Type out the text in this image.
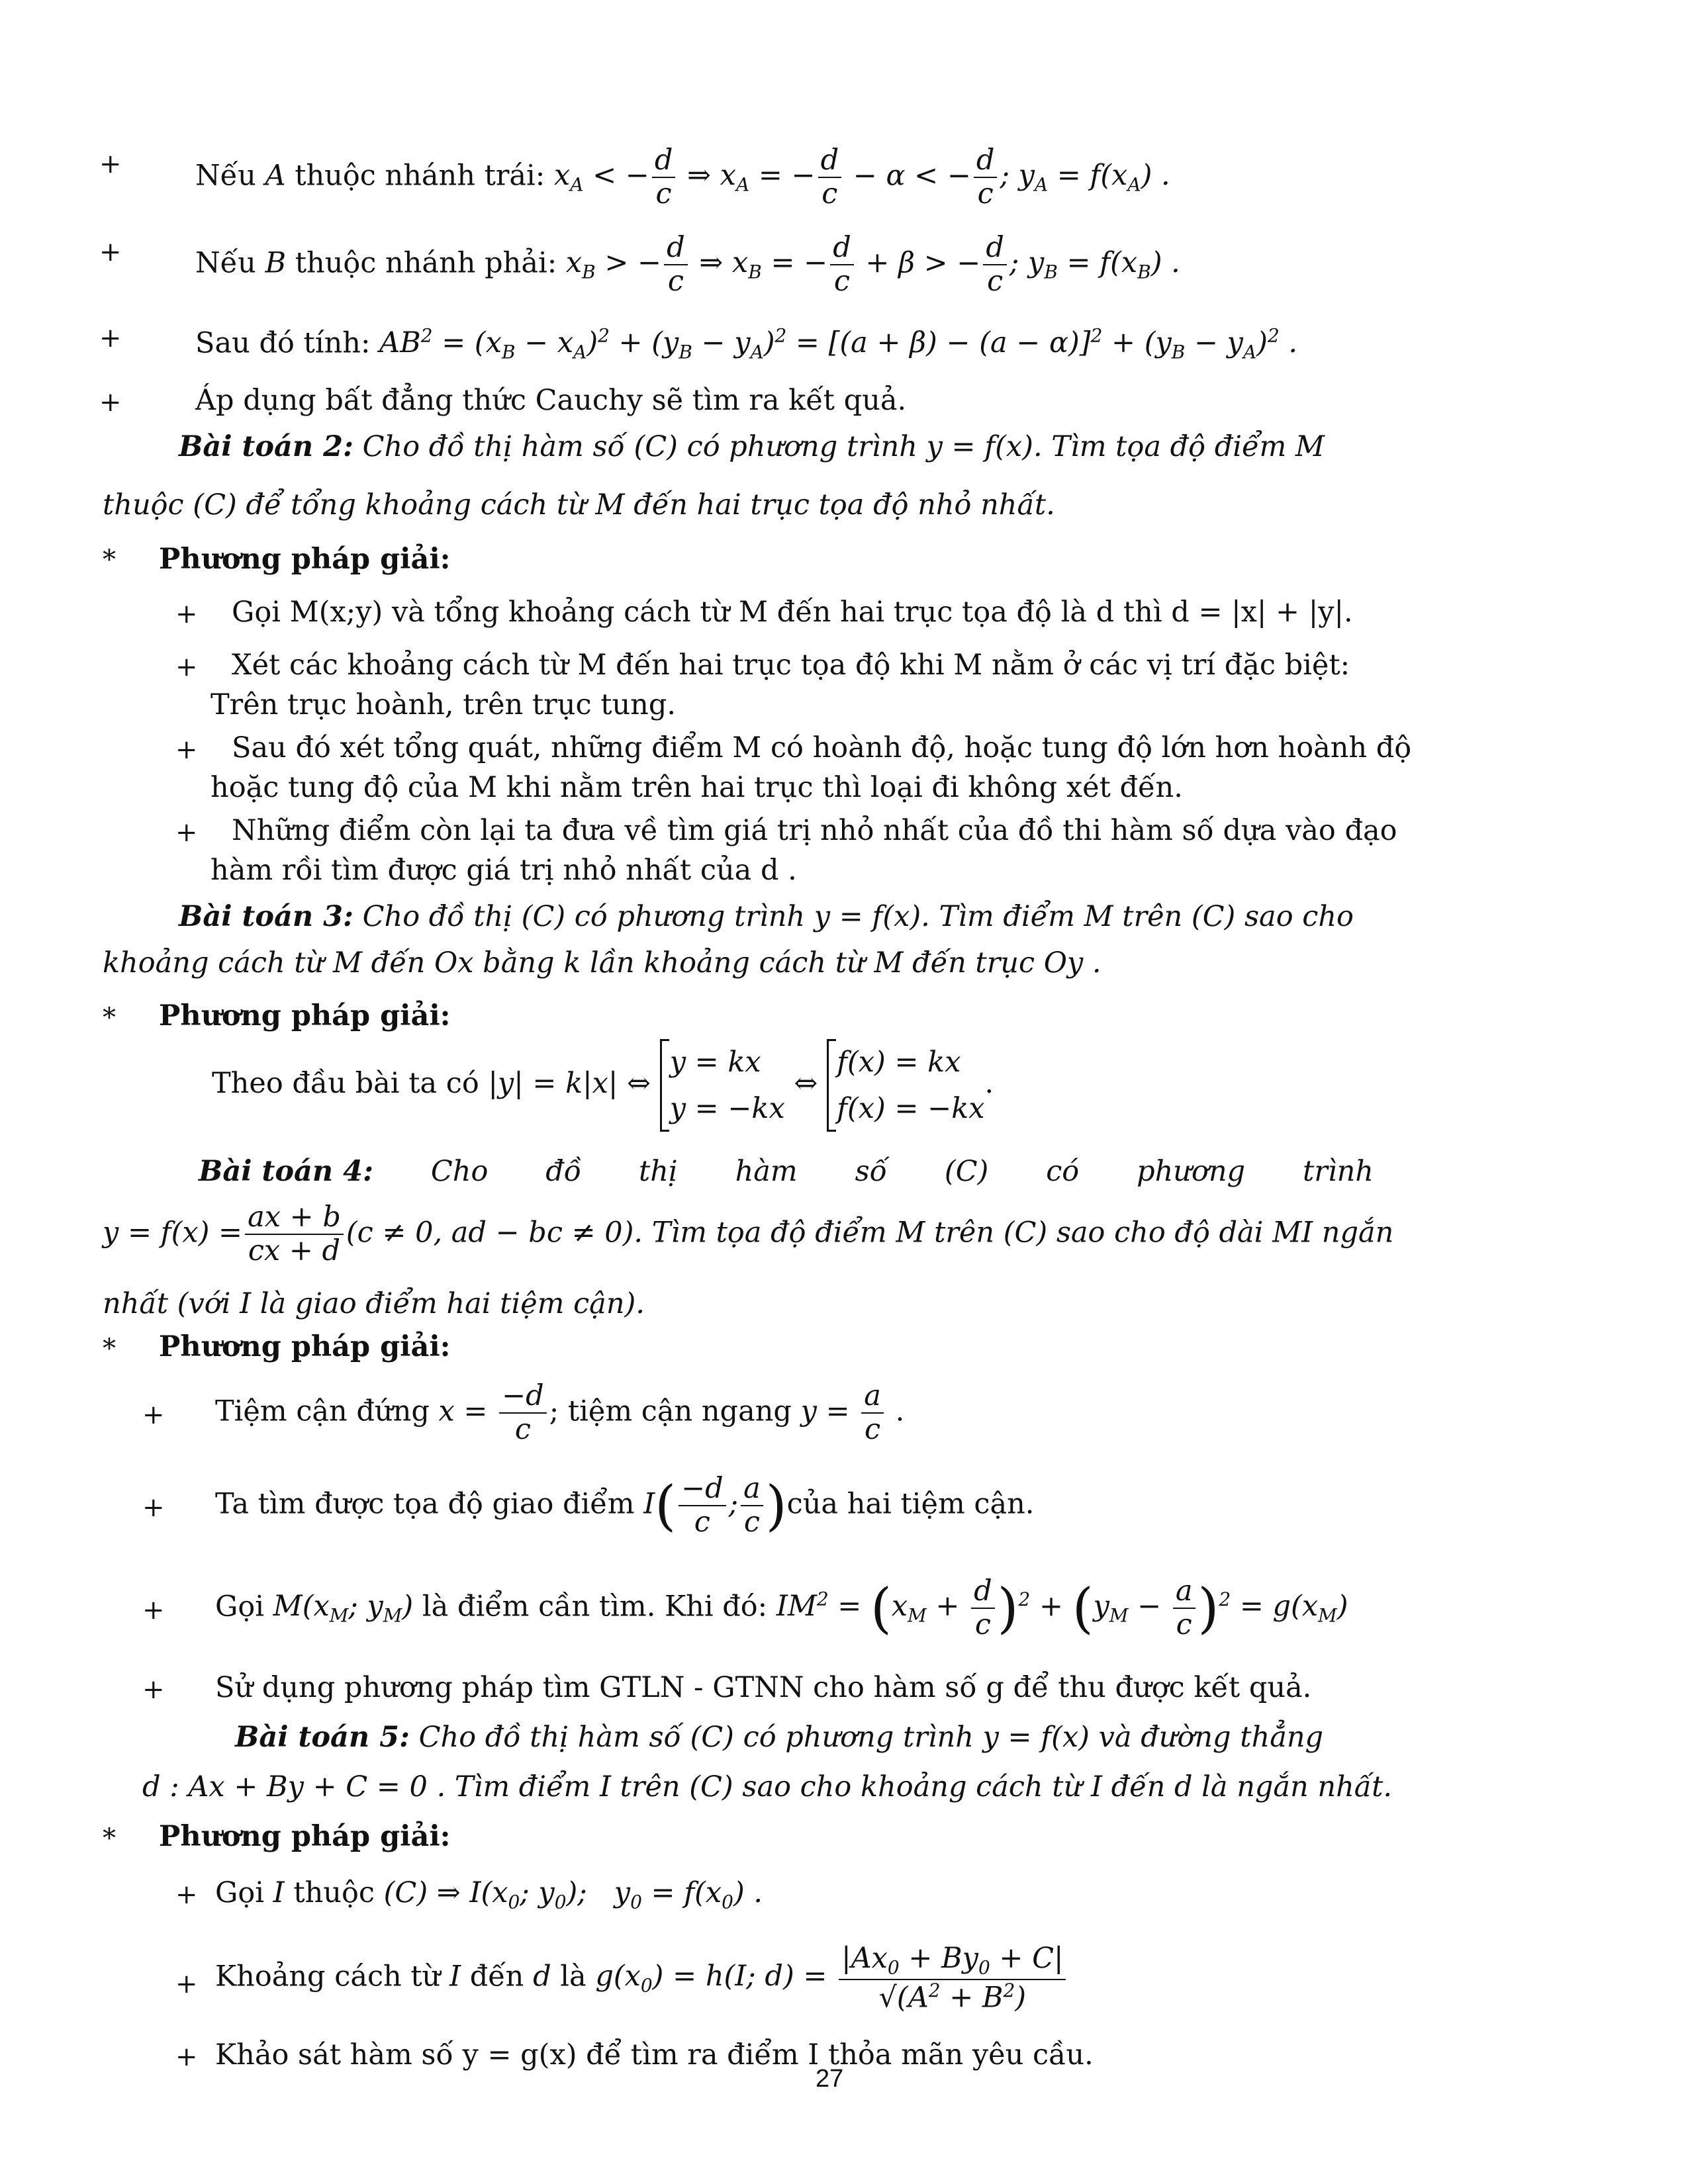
+	Nếu A thuộc nhánh trái: $x_A$ < − $\frac{d}{c}$ ⇒ $x_A$ = − $\frac{d}{c} - \alpha$ < − $\frac{d}{c}$ ; $y_A = f(x_A)$ .
+	Nếu B thuộc nhánh phải: $x_B$ > − $\frac{d}{c}$ ⇒ $x_B$ = − $\frac{d}{c} + \beta$ > − $\frac{d}{c}$ ; $y_B = f(x_B)$ .
+	Sau đó tính: $AB^2 = (x_B - x_A)^2 + (y_B - y_A)^2 = [(a + \beta) - (a - \alpha)]^2 + (y_B - y_A)^2$ .
+	Áp dụng bất đẳng thức Cauchy sẽ tìm ra kết quả.
Bài toán 2: Cho đồ thị hàm số (C) có phương trình y = f(x). Tìm tọa độ điểm M
thuộc (C) để tổng khoảng cách từ M đến hai trục tọa độ nhỏ nhất.
* Phương pháp giải:
+ Gọi M(x;y) và tổng khoảng cách từ M đến hai trục tọa độ là d thì d = |x| + |y|.
+ Xét các khoảng cách từ M đến hai trục tọa độ khi M nằm ở các vị trí đặc biệt:
Trên trục hoành, trên trục tung.
+ Sau đó xét tổng quát, những điểm M có hoành độ, hoặc tung độ lớn hơn hoành độ
hoặc tung độ của M khi nằm trên hai trục thì loại đi không xét đến.
+ Những điểm còn lại ta đưa về tìm giá trị nhỏ nhất của đồ thi hàm số dựa vào đạo
hàm rồi tìm được giá trị nhỏ nhất của d .
Bài toán 3: Cho đồ thị (C) có phương trình y = f(x). Tìm điểm M trên (C) sao cho
khoảng cách từ M đến Ox bằng k lần khoảng cách từ M đến trục Oy .
* Phương pháp giải:
Theo đầu bài ta có |y| = k|x| ⇔
y = kx
y = −kx
⇔
f(x) = kx
f(x) = −kx
.
Bài toán 4: Cho đồ thị hàm số (C) có phương trình
$y = f(x) = \frac{ax + b}{cx + d} (c \ne 0$, ad − bc ≠ 0). Tìm tọa độ điểm M trên (C) sao cho độ dài MI ngắn
nhất (với I là giao điểm hai tiệm cận).
* Phương pháp giải:
+ Tiệm cận đứng $x = \frac{-d}{c}$ ; tiệm cận ngang $y = \frac{a}{c}$ .
+ Ta tìm được tọa độ giao điểm $I( \frac{-d}{c}$ ; $\frac{a}{c}$ )của hai tiệm cận.
+ Gọi $M(x_M$; $y_M$) là điểm cần tìm. Khi đó: $IM^2 = (x_M + \frac{d}{c} )^2 + (y_M - \frac{a}{c} )^2 = g(x_M)$
+ Sử dụng phương pháp tìm GTLN - GTNN cho hàm số g để thu được kết quả.
Bài toán 5: Cho đồ thị hàm số (C) có phương trình y = f(x) và đường thẳng
d : Ax + By + C = 0 . Tìm điểm I trên (C) sao cho khoảng cách từ I đến d là ngắn nhất.
* Phương pháp giải:
+ Gọi I thuộc (C) ⇒ $I(x_0$; $y_0$);   $y_0 = f(x_0)$ .
+ Khoảng cách từ I đến d là $g(x_0) = h(I$; $d) = \frac{|Ax_0 + By_0 + C|}{√(A^2 + B^2)}$
+ Khảo sát hàm số y = g(x) để tìm ra điểm I thỏa mãn yêu cầu.
27
